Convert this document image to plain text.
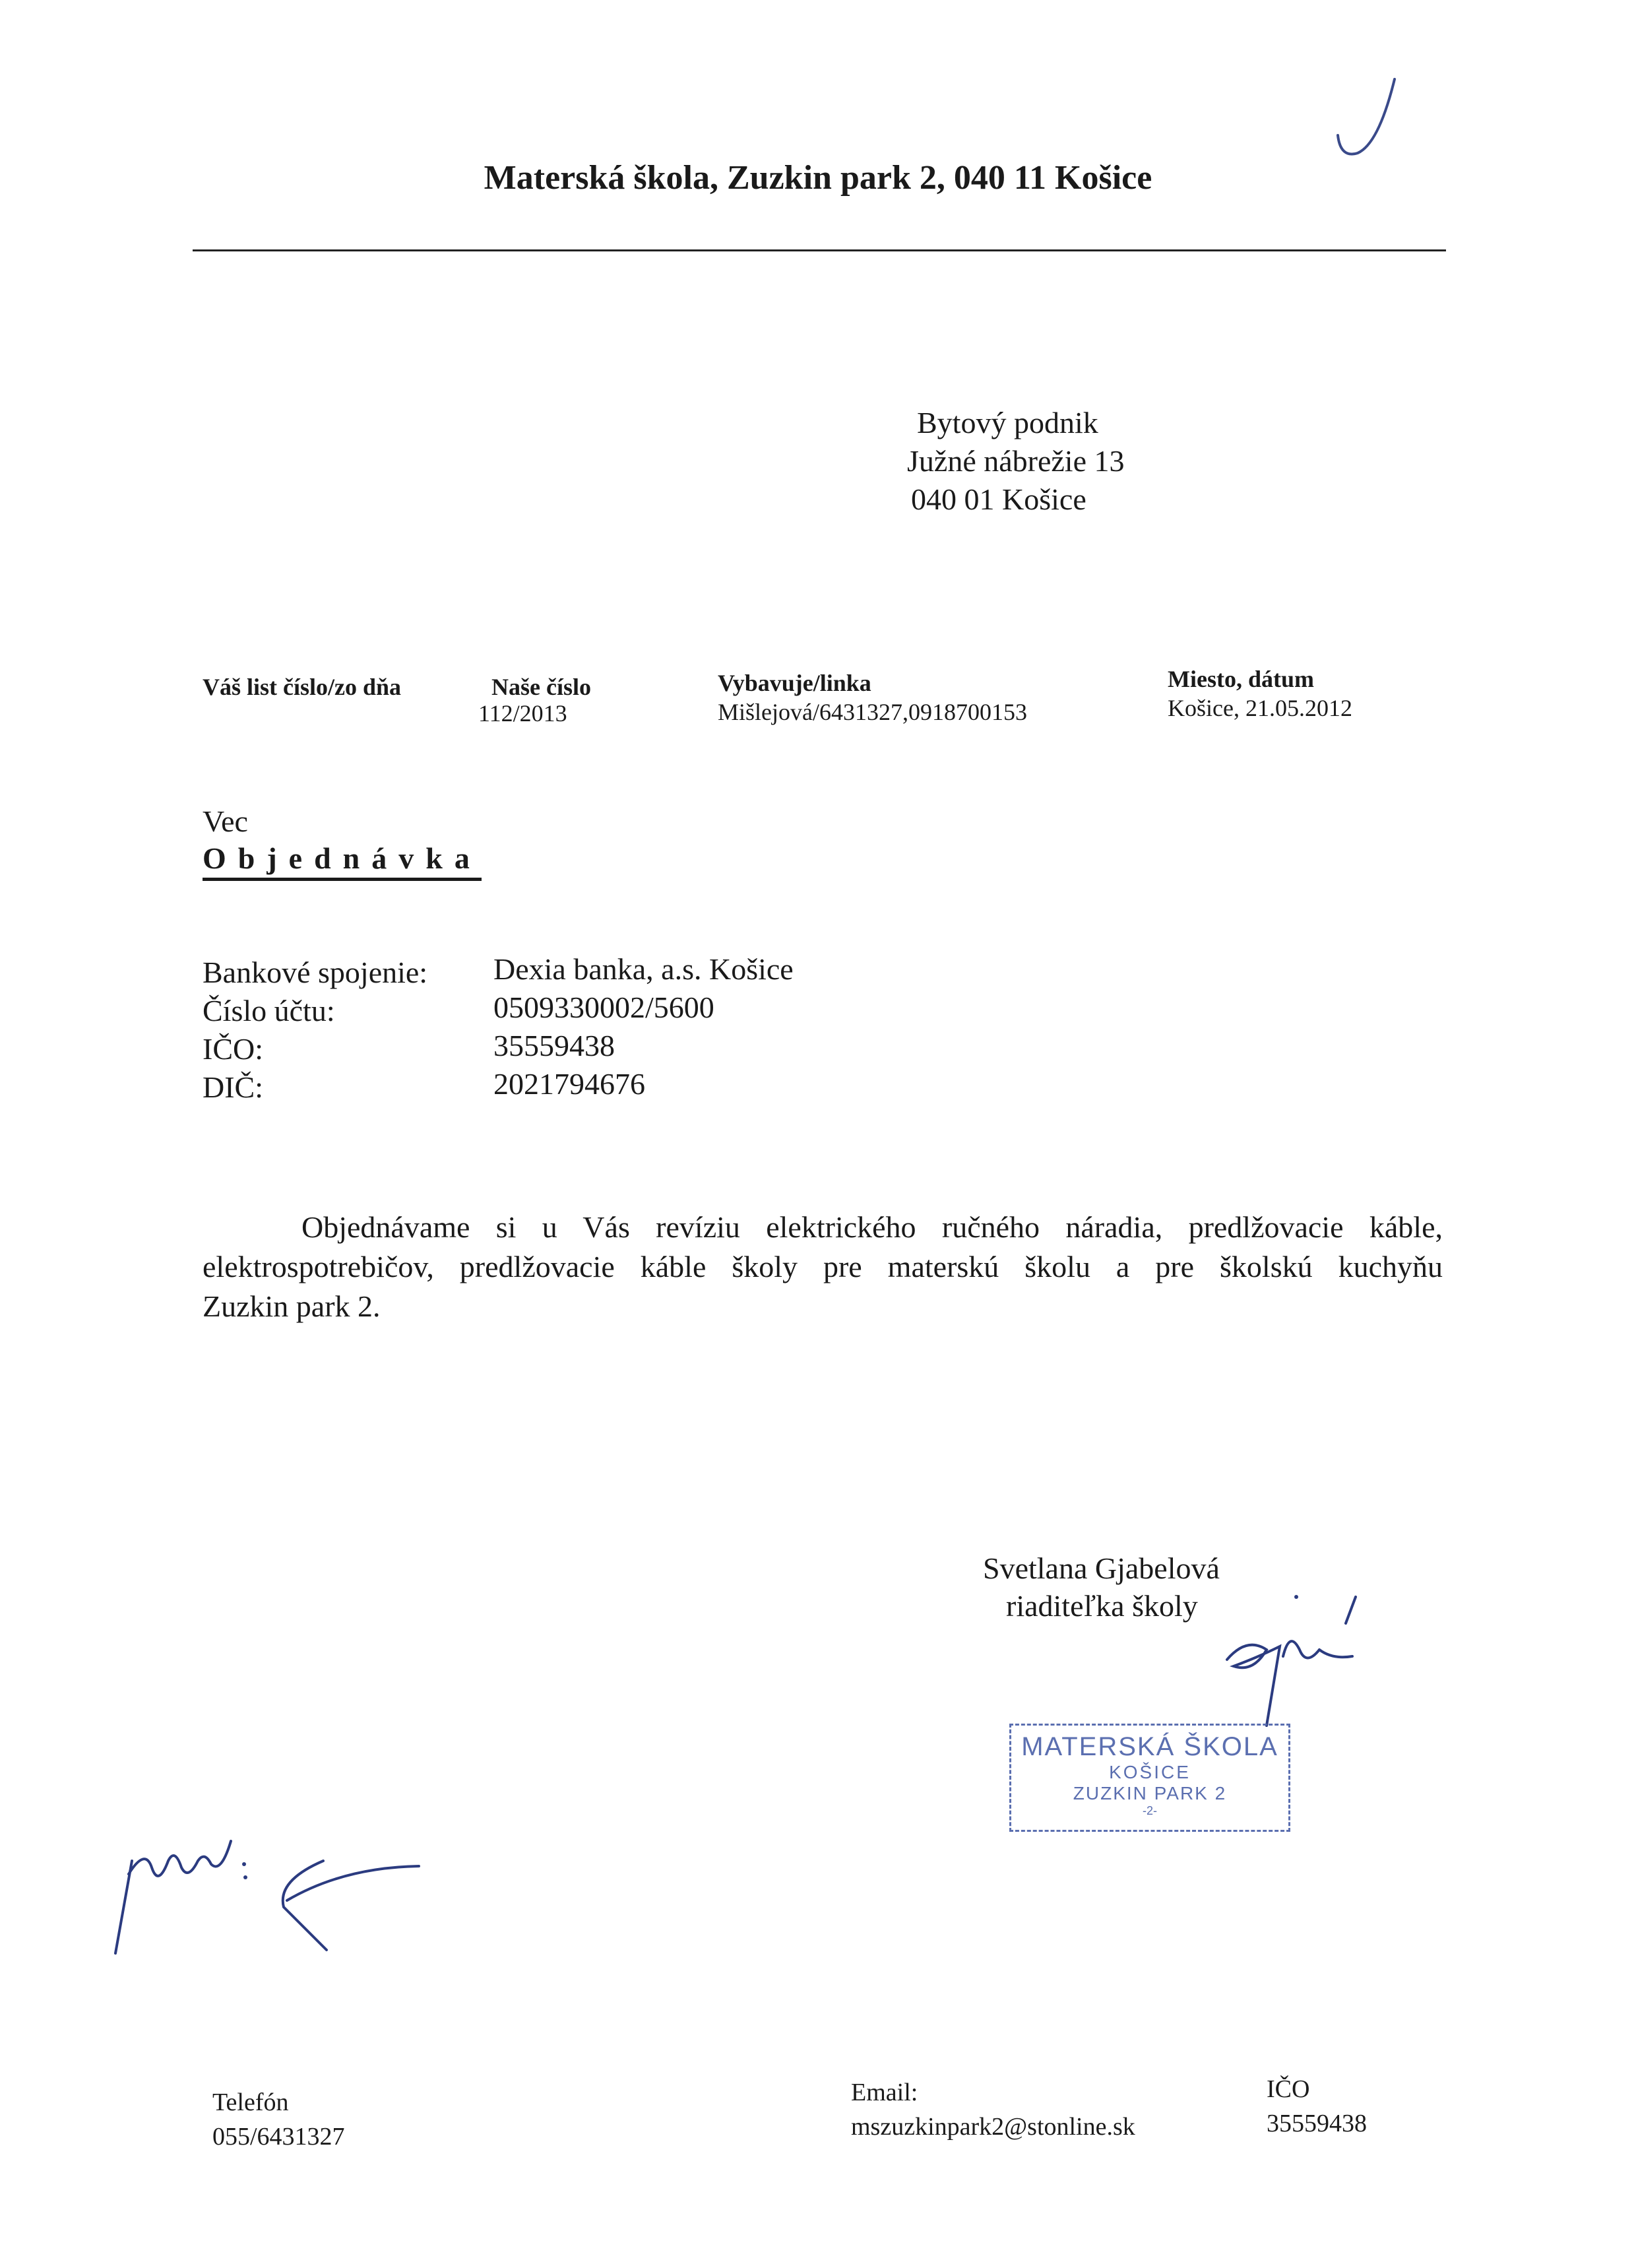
Materská škola, Zuzkin park 2, 040 11 Košice
Bytový podnik
Južné nábrežie 13
040 01 Košice
Váš list číslo/zo dňa	Naše číslo
112/2013
Vybavuje/linka
Mišlejová/6431327,0918700153
Miesto, dátum
Košice, 21.05.2012
Vec
Objednávka
Bankové spojenie:
Číslo účtu:
IČO:
DIČ:
Dexia banka, a.s. Košice
0509330002/5600
35559438
2021794676
Objednávame si u Vás revíziu elektrického ručného náradia, predlžovacie káble,
elektrospotrebičov, predlžovacie káble školy pre materskú školu a pre školskú kuchyňu
Zuzkin park 2.
Svetlana Gjabelová
riaditeľka školy
MATERSKÁ ŠKOLA
KOŠICE
ZUZKIN PARK 2
-2-
Telefón
055/6431327
Email:
mszuzkinpark2@stonline.sk
IČO
35559438
